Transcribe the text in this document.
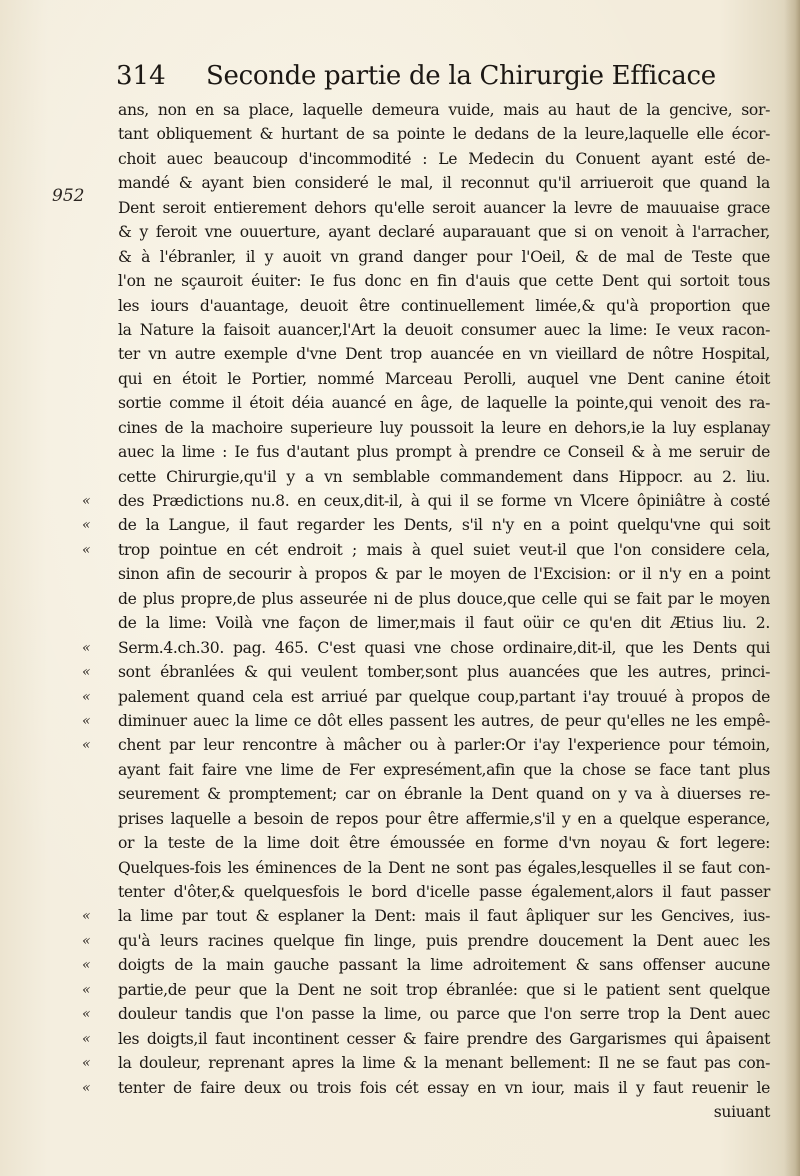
314 Seconde partie de la Chirurgie Efficace
952
ans, non en sa place, laquelle demeura vuide, mais au haut de la gencive, sor-
tant obliquement & hurtant de sa pointe le dedans de la leure,laquelle elle écor-
choit auec beaucoup d'incommodité : Le Medecin du Conuent ayant esté de-
mandé & ayant bien consideré le mal, il reconnut qu'il arriueroit que quand la
Dent seroit entierement dehors qu'elle seroit auancer la levre de mauuaise grace
& y feroit vne ouuerture, ayant declaré auparauant que si on venoit à l'arracher,
& à l'ébranler, il y auoit vn grand danger pour l'Oeil, & de mal de Teste que
l'on ne sçauroit éuiter: Ie fus donc en fin d'auis que cette Dent qui sortoit tous
les iours d'auantage, deuoit être continuellement limée,& qu'à proportion que
la Nature la faisoit auancer,l'Art la deuoit consumer auec la lime: Ie veux racon-
ter vn autre exemple d'vne Dent trop auancée en vn vieillard de nôtre Hospital,
qui en étoit le Portier, nommé Marceau Perolli, auquel vne Dent canine étoit
sortie comme il étoit déia auancé en âge, de laquelle la pointe,qui venoit des ra-
cines de la machoire superieure luy poussoit la leure en dehors,ie la luy esplanay
auec la lime : Ie fus d'autant plus prompt à prendre ce Conseil & à me seruir de
cette Chirurgie,qu'il y a vn semblable commandement dans Hippocr. au 2. liu.
« des Prædictions nu.8. en ceux,dit-il, à qui il se forme vn Vlcere ôpiniâtre à costé
« de la Langue, il faut regarder les Dents, s'il n'y en a point quelqu'vne qui soit
« trop pointue en cét endroit ; mais à quel suiet veut-il que l'on considere cela,
sinon afin de secourir à propos & par le moyen de l'Excision: or il n'y en a point
de plus propre,de plus asseurée ni de plus douce,que celle qui se fait par le moyen
de la lime: Voilà vne façon de limer,mais il faut oüir ce qu'en dit Ætius liu. 2.
« Serm.4.ch.30. pag. 465. C'est quasi vne chose ordinaire,dit-il, que les Dents qui
« sont ébranlées & qui veulent tomber,sont plus auancées que les autres, princi-
« palement quand cela est arriué par quelque coup,partant i'ay trouué à propos de
« diminuer auec la lime ce dôt elles passent les autres, de peur qu'elles ne les empê-
« chent par leur rencontre à mâcher ou à parler:Or i'ay l'experience pour témoin,
ayant fait faire vne lime de Fer expresément,afin que la chose se face tant plus
seurement & promptement; car on ébranle la Dent quand on y va à diuerses re-
prises laquelle a besoin de repos pour être affermie,s'il y en a quelque esperance,
or la teste de la lime doit être émoussée en forme d'vn noyau & fort legere:
Quelques-fois les éminences de la Dent ne sont pas égales,lesquelles il se faut con-
tenter d'ôter,& quelquesfois le bord d'icelle passe également,alors il faut passer
« la lime par tout & esplaner la Dent: mais il faut âpliquer sur les Gencives, ius-
« qu'à leurs racines quelque fin linge, puis prendre doucement la Dent auec les
« doigts de la main gauche passant la lime adroitement & sans offenser aucune
« partie,de peur que la Dent ne soit trop ébranlée: que si le patient sent quelque
« douleur tandis que l'on passe la lime, ou parce que l'on serre trop la Dent auec
« les doigts,il faut incontinent cesser & faire prendre des Gargarismes qui âpaisent
« la douleur, reprenant apres la lime & la menant bellement: Il ne se faut pas con-
« tenter de faire deux ou trois fois cét essay en vn iour, mais il y faut reuenir le
suiuant
